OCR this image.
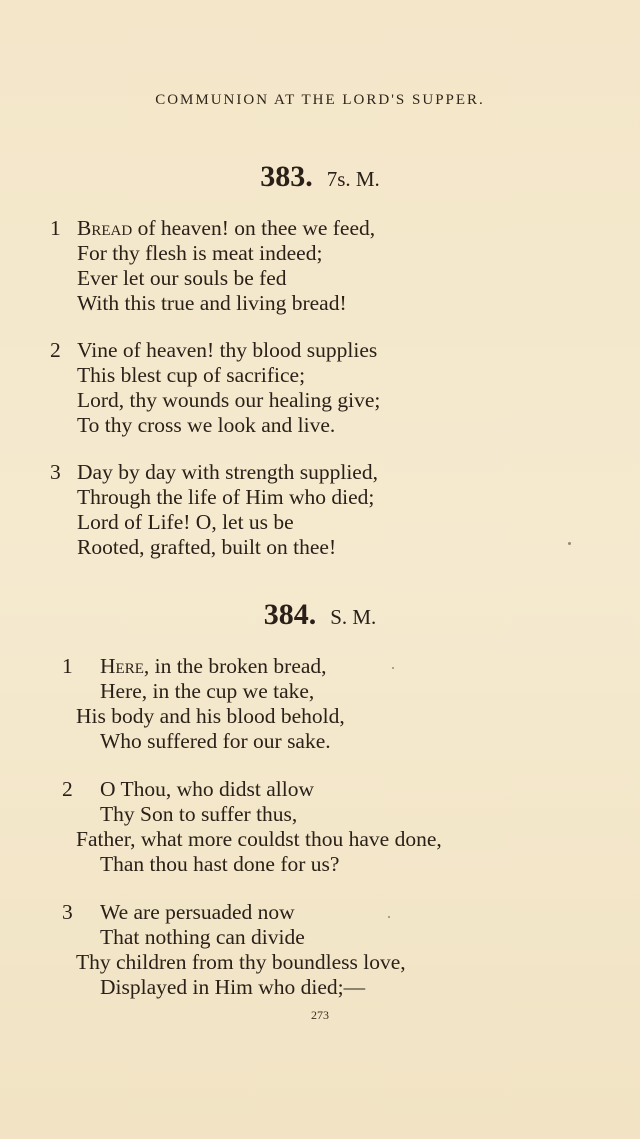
COMMUNION AT THE LORD'S SUPPER.
383. 7s. M.
1 Bread of heaven! on thee we feed,
For thy flesh is meat indeed;
Ever let our souls be fed
With this true and living bread!
2 Vine of heaven! thy blood supplies
This blest cup of sacrifice;
Lord, thy wounds our healing give;
To thy cross we look and live.
3 Day by day with strength supplied,
Through the life of Him who died;
Lord of Life! O, let us be
Rooted, grafted, built on thee!
384. S. M.
1 Here, in the broken bread,
Here, in the cup we take,
His body and his blood behold,
Who suffered for our sake.
2 O Thou, who didst allow
Thy Son to suffer thus,
Father, what more couldst thou have done,
Than thou hast done for us?
3 We are persuaded now
That nothing can divide
Thy children from thy boundless love,
Displayed in Him who died;—
273
